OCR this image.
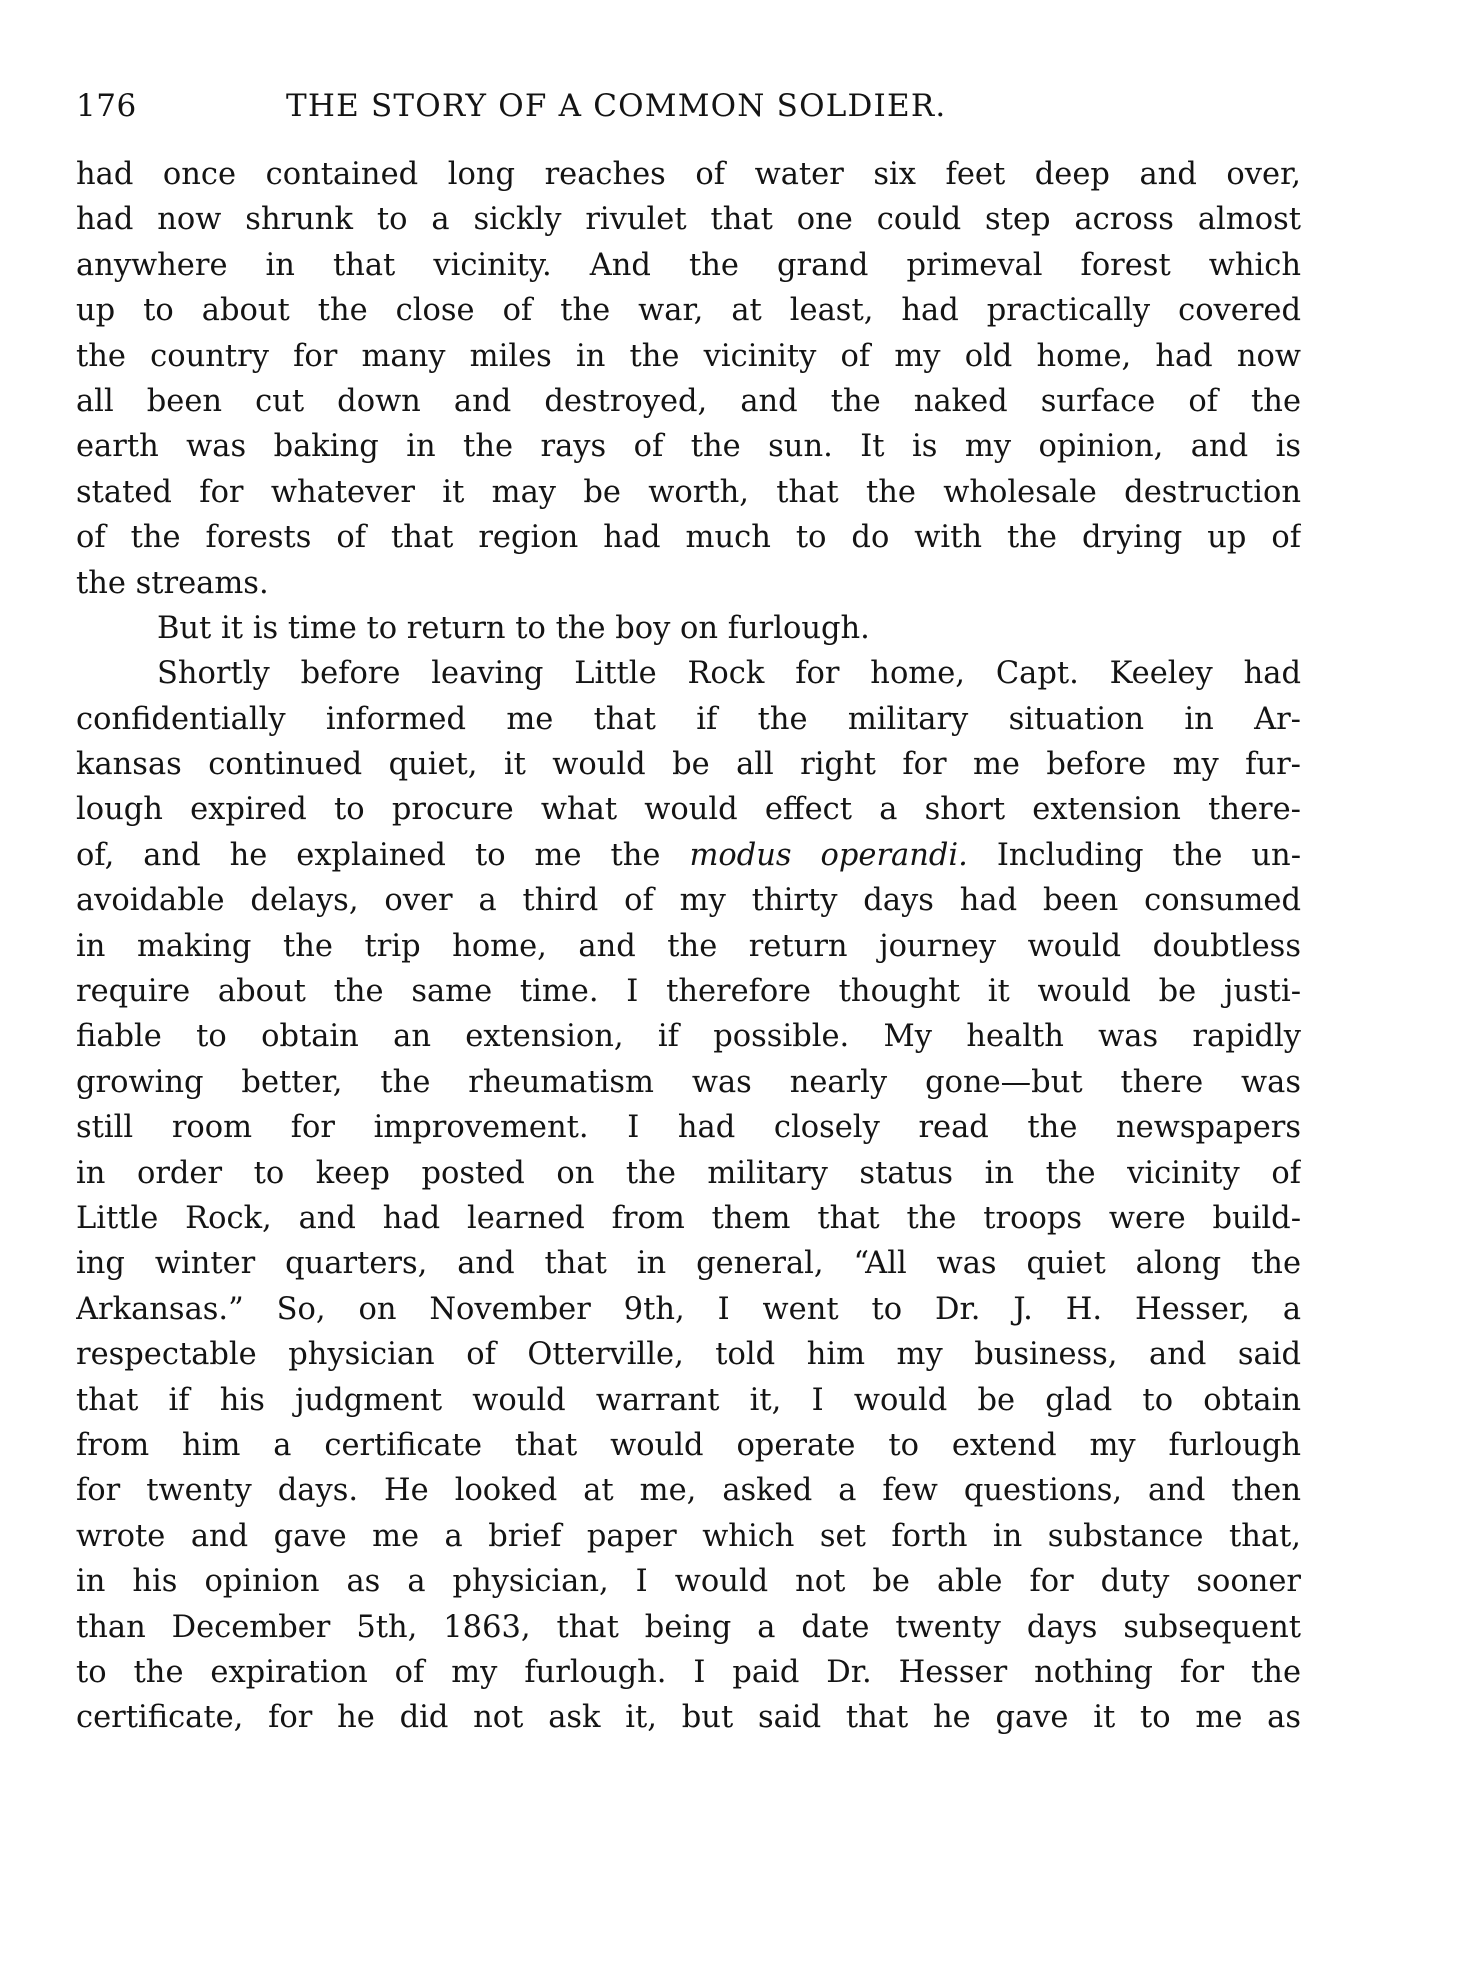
176	THE STORY OF A COMMON SOLDIER.
had once contained long reaches of water six feet deep and over,
had now shrunk to a sickly rivulet that one could step across almost
anywhere in that vicinity. And the grand primeval forest which
up to about the close of the war, at least, had practically covered
the country for many miles in the vicinity of my old home, had now
all been cut down and destroyed, and the naked surface of the
earth was baking in the rays of the sun. It is my opinion, and is
stated for whatever it may be worth, that the wholesale destruction
of the forests of that region had much to do with the drying up of
the streams.
But it is time to return to the boy on furlough.
Shortly before leaving Little Rock for home, Capt. Keeley had
confidentially informed me that if the military situation in Ar-
kansas continued quiet, it would be all right for me before my fur-
lough expired to procure what would effect a short extension there-
of, and he explained to me the modus operandi. Including the un-
avoidable delays, over a third of my thirty days had been consumed
in making the trip home, and the return journey would doubtless
require about the same time. I therefore thought it would be justi-
fiable to obtain an extension, if possible. My health was rapidly
growing better, the rheumatism was nearly gone—but there was
still room for improvement. I had closely read the newspapers
in order to keep posted on the military status in the vicinity of
Little Rock, and had learned from them that the troops were build-
ing winter quarters, and that in general, “All was quiet along the
Arkansas.” So, on November 9th, I went to Dr. J. H. Hesser, a
respectable physician of Otterville, told him my business, and said
that if his judgment would warrant it, I would be glad to obtain
from him a certificate that would operate to extend my furlough
for twenty days. He looked at me, asked a few questions, and then
wrote and gave me a brief paper which set forth in substance that,
in his opinion as a physician, I would not be able for duty sooner
than December 5th, 1863, that being a date twenty days subsequent
to the expiration of my furlough. I paid Dr. Hesser nothing for the
certificate, for he did not ask it, but said that he gave it to me as
